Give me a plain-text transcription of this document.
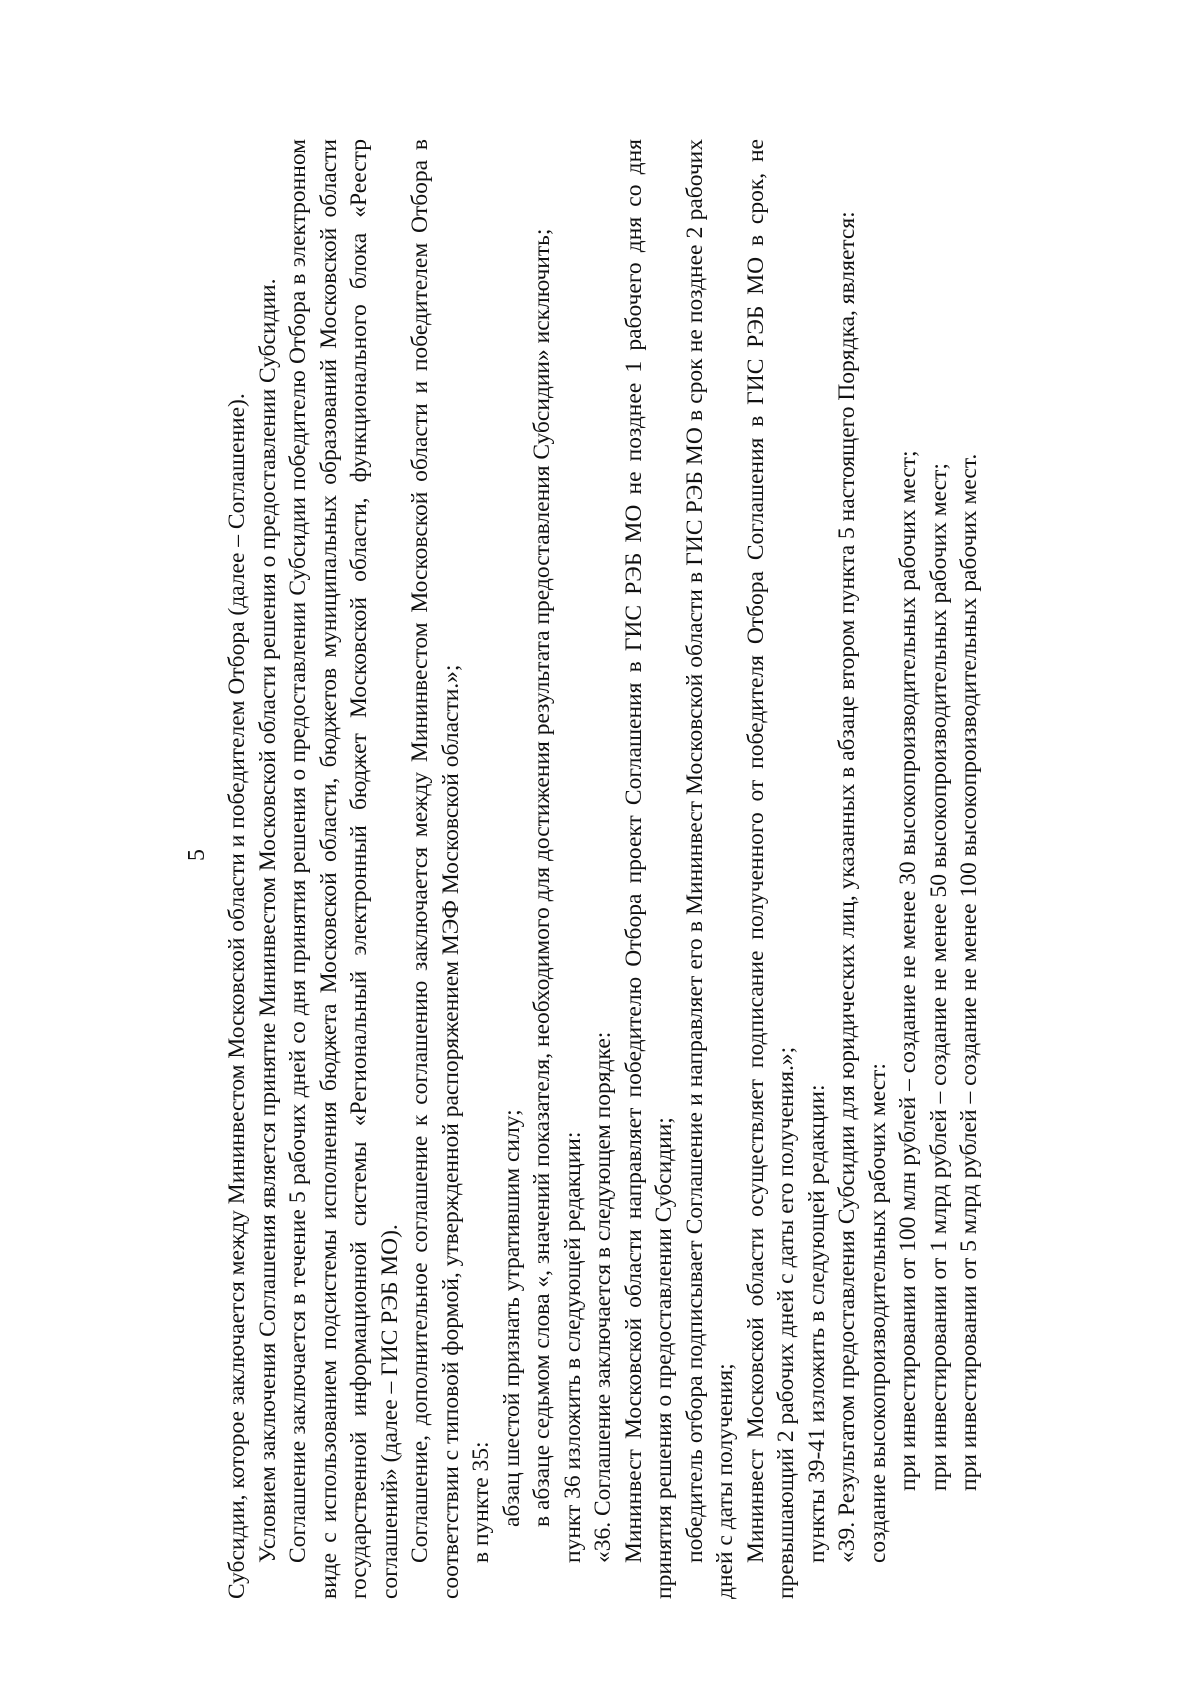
5 Субсидии, которое заключается между Мининвестом Московской области и победителем Отбора (далее – Соглашение). Условием заключения Соглашения является принятие Мининвестом Московской области решения о предоставлении Субсидии. Соглашение заключается в течение 5 рабочих дней со дня принятия решения о предоставлении Субсидии победителю Отбора в электронном виде с использованием подсистемы исполнения бюджета Московской области, бюджетов муниципальных образований Московской области государственной информационной системы «Региональный электронный бюджет Московской области, функционального блока «Реестр соглашений» (далее – ГИС РЭБ МО). Соглашение, дополнительное соглашение к соглашению заключается между Мининвестом Московской области и победителем Отбора в соответствии с типовой формой, утвержденной распоряжением МЭФ Московской области.»; в пункте 35: абзац шестой признать утратившим силу; в абзаце седьмом слова «, значений показателя, необходимого для достижения результата предоставления Субсидии» исключить; пункт 36 изложить в следующей редакции: «36. Соглашение заключается в следующем порядке: Мининвест Московской области направляет победителю Отбора проект Соглашения в ГИС РЭБ МО не позднее 1 рабочего дня со дня принятия решения о предоставлении Субсидии; победитель отбора подписывает Соглашение и направляет его в Мининвест Московской области в ГИС РЭБ МО в срок не позднее 2 рабочих дней с даты получения; Мининвест Московской области осуществляет подписание полученного от победителя Отбора Соглашения в ГИС РЭБ МО в срок, не превышающий 2 рабочих дней с даты его получения.»; пункты 39-41 изложить в следующей редакции: «39. Результатом предоставления Субсидии для юридических лиц, указанных в абзаце втором пункта 5 настоящего Порядка, является: создание высокопроизводительных рабочих мест: при инвестировании от 100 млн рублей – создание не менее 30 высокопроизводительных рабочих мест; при инвестировании от 1 млрд рублей – создание не менее 50 высокопроизводительных рабочих мест; при инвестировании от 5 млрд рублей – создание не менее 100 высокопроизводительных рабочих мест.
